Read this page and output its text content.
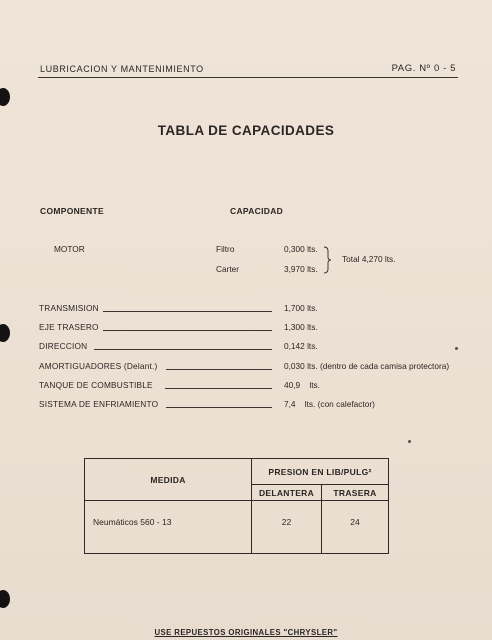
LUBRICACION Y MANTENIMIENTO	PAG. Nº 0 - 5
TABLA DE CAPACIDADES
COMPONENTE	CAPACIDAD
MOTOR	Filtro	0,300 lts.
Carter	3,970 lts.
Total 4,270 lts.
TRANSMISION	1,700 lts.
EJE TRASERO	1,300 lts.
DIRECCION	0,142 lts.
AMORTIGUADORES (Delant.)	0,030 lts. (dentro de cada camisa protectora)
TANQUE DE COMBUSTIBLE	40,9    lts.
SISTEMA DE ENFRIAMIENTO	7,4    lts. (con calefactor)
MEDIDA	PRESION EN LIB/PULG²	
	DELANTERA	TRASERA
Neumáticos 560 - 13	22	24
USE REPUESTOS ORIGINALES "CHRYSLER"
